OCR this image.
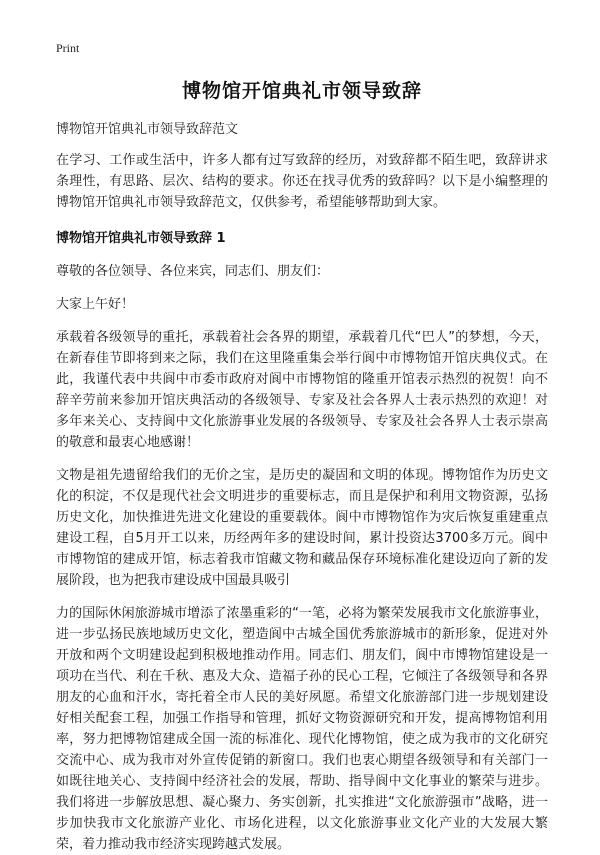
Print

博物馆开馆典礼市领导致辞

博物馆开馆典礼市领导致辞范文

在学习、工作或生活中，许多人都有过写致辞的经历，对致辞都不陌生吧，致辞讲求条理性，有思路、层次、结构的要求。你还在找寻优秀的致辞吗？以下是小编整理的博物馆开馆典礼市领导致辞范文，仅供参考，希望能够帮助到大家。

博物馆开馆典礼市领导致辞 1

尊敬的各位领导、各位来宾，同志们、朋友们：

大家上午好！

承载着各级领导的重托，承载着社会各界的期望，承载着几代“巴人”的梦想，今天，在新春佳节即将到来之际，我们在这里隆重集会举行阆中市博物馆开馆庆典仪式。在此，我谨代表中共阆中市委市政府对阆中市博物馆的隆重开馆表示热烈的祝贺！向不辞辛劳前来参加开馆庆典活动的各级领导、专家及社会各界人士表示热烈的欢迎！对多年来关心、支持阆中文化旅游事业发展的各级领导、专家及社会各界人士表示崇高的敬意和最衷心地感谢！

文物是祖先遗留给我们的无价之宝，是历史的凝固和文明的体现。博物馆作为历史文化的积淀，不仅是现代社会文明进步的重要标志，而且是保护和利用文物资源，弘扬历史文化，加快推进先进文化建设的重要载体。阆中市博物馆作为灾后恢复重建重点建设工程，自5月开工以来，历经两年多的建设时间，累计投资达3700多万元。阆中市博物馆的建成开馆，标志着我市馆藏文物和藏品保存环境标准化建设迈向了新的发展阶段，也为把我市建设成中国最具吸引

力的国际休闲旅游城市增添了浓墨重彩的“一笔，必将为繁荣发展我市文化旅游事业，进一步弘扬民族地域历史文化，塑造阆中古城全国优秀旅游城市的新形象，促进对外开放和两个文明建设起到积极地推动作用。同志们、朋友们，阆中市博物馆建设是一项功在当代、利在千秋、惠及大众、造福子孙的民心工程，它倾注了各级领导和各界朋友的心血和汗水，寄托着全市人民的美好夙愿。希望文化旅游部门进一步规划建设好相关配套工程，加强工作指导和管理，抓好文物资源研究和开发，提高博物馆利用率，努力把博物馆建成全国一流的标准化、现代化博物馆，使之成为我市的文化研究交流中心、成为我市对外宣传促销的新窗口。我们也衷心期望各级领导和有关部门一如既往地关心、支持阆中经济社会的发展，帮助、指导阆中文化事业的繁荣与进步。我们将进一步解放思想、凝心聚力、务实创新，扎实推进“文化旅游强市”战略，进一步加快我市文化旅游产业化、市场化进程，以文化旅游事业文化产业的大发展大繁荣，着力推动我市经济实现跨越式发展。
